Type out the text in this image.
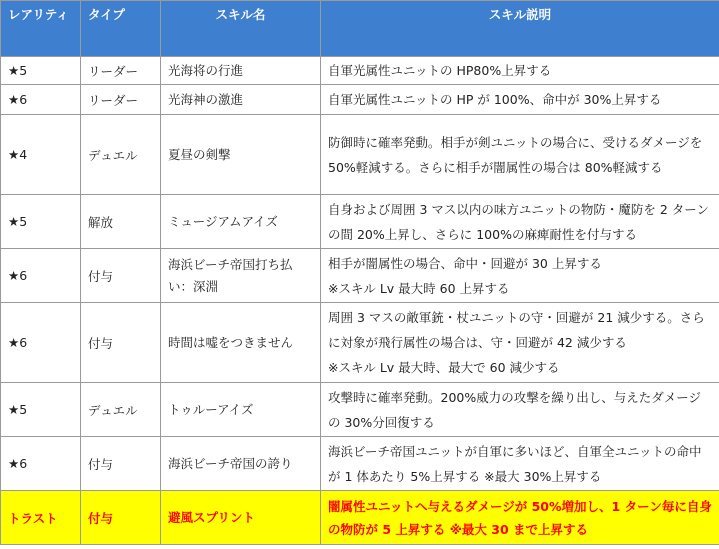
レアリティ	タイプ	スキル名	スキル説明
★5	リーダー	光海将の行進	自軍光属性ユニットの HP80%上昇する
★6	リーダー	光海神の激進	自軍光属性ユニットの HP が 100%、命中が 30%上昇する
★4	デュエル	夏昼の剣撃	防御時に確率発動。相手が剣ユニットの場合に、受けるダメージを 50%軽減する。さらに相手が闇属性の場合は 80%軽減する
★5	解放	ミュージアムアイズ	自身および周囲 3 マス以内の味方ユニットの物防・魔防を 2 ターンの間 20%上昇し、さらに 100%の麻痺耐性を付与する
★6	付与	海浜ビーチ帝国打ち払い：深淵	相手が闇属性の場合、命中・回避が 30 上昇する
※スキル Lv 最大時 60 上昇する
★6	付与	時間は嘘をつきません	周囲 3 マスの敵軍銃・杖ユニットの守・回避が 21 減少する。さらに対象が飛行属性の場合は、守・回避が 42 減少する
※スキル Lv 最大時、最大で 60 減少する
★5	デュエル	トゥルーアイズ	攻撃時に確率発動。200%威力の攻撃を繰り出し、与えたダメージの 30%分回復する
★6	付与	海浜ビーチ帝国の誇り	海浜ビーチ帝国ユニットが自軍に多いほど、自軍全ユニットの命中が 1 体あたり 5%上昇する ※最大 30%上昇する
トラスト	付与	避風スプリント	闇属性ユニットへ与えるダメージが 50%増加し、1 ターン毎に自身の物防が 5 上昇する ※最大 30 まで上昇する
